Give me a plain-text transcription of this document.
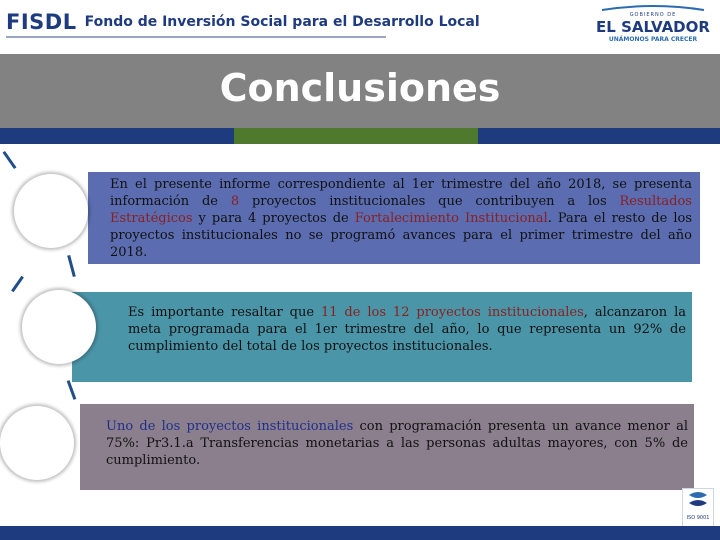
FISDL Fondo de Inversión Social para el Desarrollo Local	GOBIERNO DE
EL SALVADOR
UNÁMONOS PARA CRECER
Conclusiones
En el presente informe correspondiente al 1er trimestre del año 2018, se presenta información de 8 proyectos institucionales que contribuyen a los Resultados Estratégicos y para 4 proyectos de Fortalecimiento Institucional. Para el resto de los proyectos institucionales no se programó avances para el primer trimestre del año 2018.
Es importante resaltar que 11 de los 12 proyectos institucionales, alcanzaron la meta programada para el 1er trimestre del año, lo que representa un 92% de cumplimiento del total de los proyectos institucionales.
Uno de los proyectos institucionales con programación presenta un avance menor al 75%: Pr3.1.a Transferencias monetarias a las personas adultas mayores, con 5% de cumplimiento.
ISO 9001
